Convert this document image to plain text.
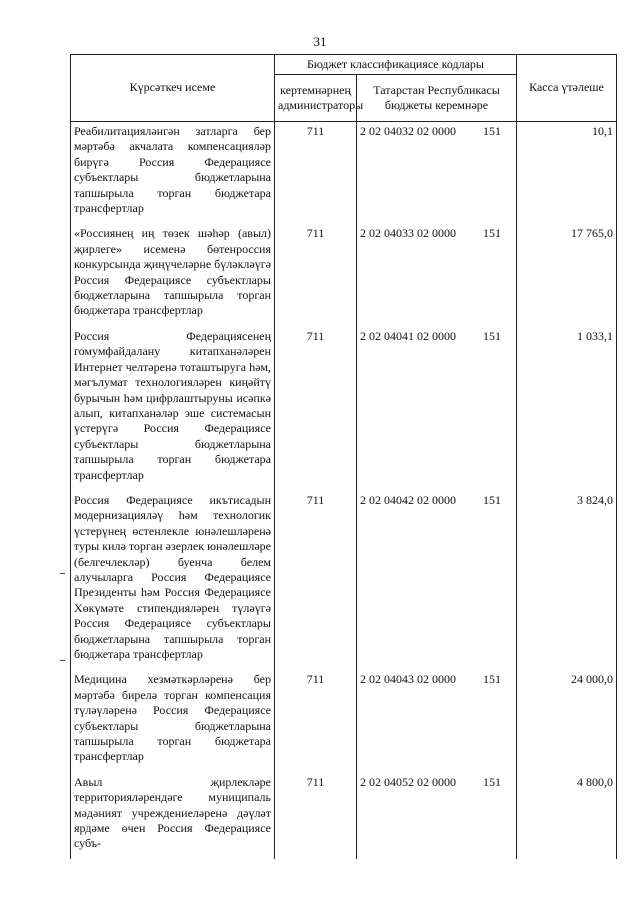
31
Күрсәткеч исеме	Бюджет классификациясе кодлары		Касса үтәлеше
	кертемнәрнең администраторы	Татарстан Республикасы бюджеты керемнәре	
Реабилитацияләнгән затларга бер мәртәбә акчалата компенсацияләр бирүгә Россия Федерациясе субъектлары бюджетларына тапшырыла торган бюджетара трансфертлар	711	2 02 04032 02 0000 151	10,1
«Россиянең иң төзек шәһәр (авыл) җирлеге» исеменә бөтенроссия конкурсында җиңүчеләрне бүләкләүгә Россия Федерациясе субъектлары бюджетларына тапшырыла торган бюджетара трансфертлар	711	2 02 04033 02 0000 151	17 765,0
Россия Федерациясенең гомумфайдалану китапханәләрен Интернет челтәренә тоташтыруга һәм, мәгълумат технологияләрен киңәйтү бурычын һәм цифрлаштыруны исәпкә алып, китапханәләр эше системасын үстерүгә Россия Федерациясе субъектлары бюджетларына тапшырыла торган бюджетара трансфертлар	711	2 02 04041 02 0000 151	1 033,1
Россия Федерациясе икътисадын модернизацияләү һәм технологик үстерүнең өстенлекле юнәлешләренә туры килә торган әзерлек юнәлешләре (белгечлекләр) буенча белем алучыларга Россия Федерациясе Президенты һәм Россия Федерациясе Хөкүмәте стипендияләрен түләүгә Россия Федерациясе субъектлары бюджетларына тапшырыла торган бюджетара трансфертлар	711	2 02 04042 02 0000 151	3 824,0
Медицина хезмәткәрләренә бер мәртәбә бирелә торган компенсация түләүләренә Россия Федерациясе субъектлары бюджетларына тапшырыла торган бюджетара трансфертлар	711	2 02 04043 02 0000 151	24 000,0
Авыл җирлекләре территорияләрендәге муниципаль мәдәният учреждениеләренә дәүләт ярдәме өчен Россия Федерациясе субъ-	711	2 02 04052 02 0000 151	4 800,0
